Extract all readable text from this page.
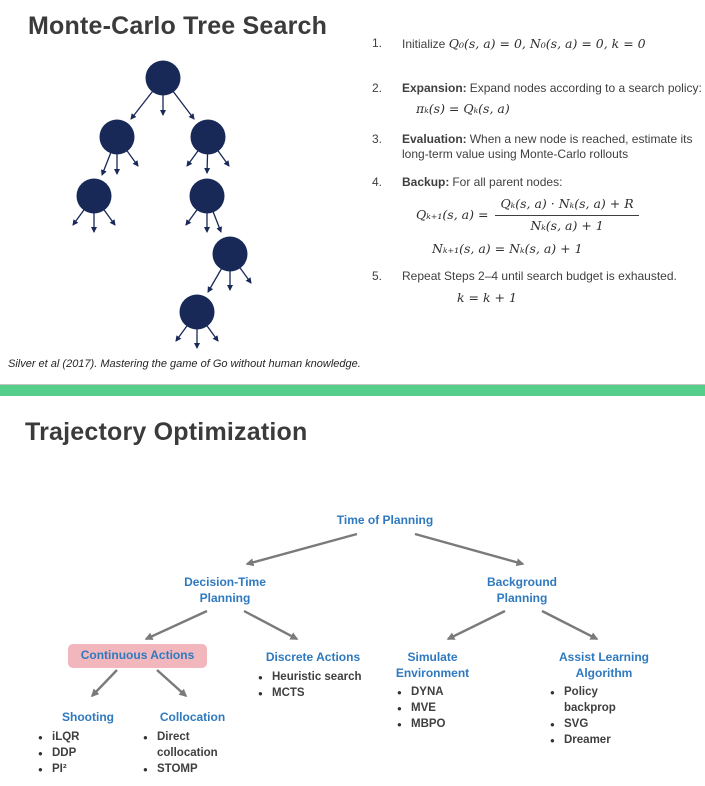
Monte-Carlo Tree Search
1.	Initialize Q₀(s, a) = 0, N₀(s, a) = 0, k = 0
2.	Expansion: Expand nodes according to a search policy:

πₖ(s) = Qₖ(s, a)
3.	Evaluation: When a new node is reached, estimate its long-term value using Monte-Carlo rollouts

4.	Backup: For all parent nodes:

Qₖ₊₁(s, $a) = \frac{\text{Qₖ(s, a) · Nₖ(s, a) + R}}{\text{Nₖ(s, a) + 1}}$
Nₖ₊₁(s, a) = Nₖ(s, a) + 1
5.	Repeat Steps 2–4 until search budget is exhausted.
k = k + 1

Silver et al (2017). Mastering the game of Go without human knowledge.

Trajectory Optimization
Time of Planning
Decision-Time Planning
Background Planning
Continuous Actions	Discrete Actions
● Heuristic search
● MCTS
Simulate Environment
● DYNA
● MVE
● MBPO
Assist Learning Algorithm
● Policy backprop
● SVG
● Dreamer
Shooting
● iLQR
● DDP
● PI²
Collocation
● Direct collocation
● STOMP
